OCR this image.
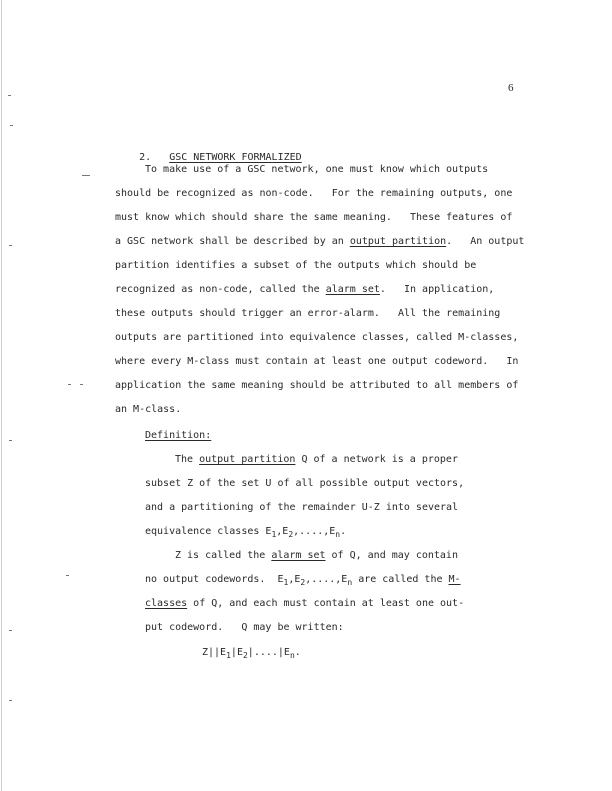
6

2. GSC NETWORK FORMALIZED

To make use of a GSC network, one must know which outputs
should be recognized as non-code.   For the remaining outputs, one
must know which should share the same meaning.   These features of
a GSC network shall be described by an output partition.   An output
partition identifies a subset of the outputs which should be
recognized as non-code, called the alarm set.   In application,
these outputs should trigger an error-alarm.   All the remaining
outputs are partitioned into equivalence classes, called M-classes,
where every M-class must contain at least one output codeword.   In
application the same meaning should be attributed to all members of
an M-class.
Definition:
The output partition Q of a network is a proper
subset Z of the set U of all possible output vectors,
and a partitioning of the remainder U-Z into several
equivalence classes $E_1,E_2,....,E_n$.
Z is called the alarm set of Q, and may contain
no output codewords.  $E_1,E_2,....,E_n$ are called the M-
classes of Q, and each must contain at least one out-
put codeword.   Q may be written:
$Z||E_1|E_2|....|E_n$.
